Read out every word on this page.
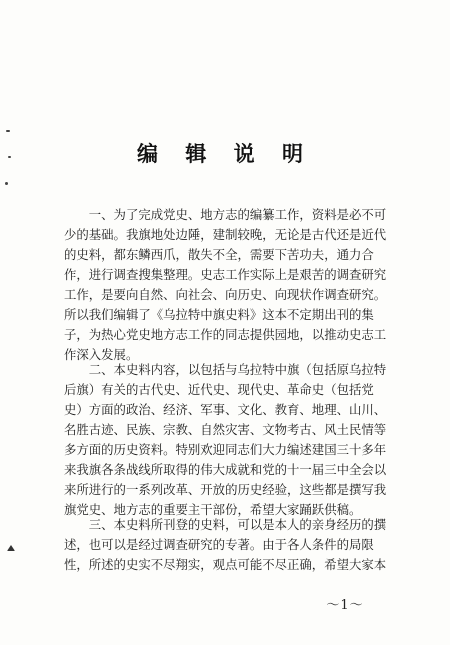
编 辑 说 明

　　一、为了完成党史、地方志的编纂工作，资料是必不可
少的基础。我旗地处边陲，建制较晚，无论是古代还是近代
的史料，都东鳞西爪，散失不全，需要下苦功夫，通力合
作，进行调查搜集整理。史志工作实际上是艰苦的调查研究
工作，是要向自然、向社会、向历史、向现状作调查研究。
所以我们编辑了《乌拉特中旗史料》这本不定期出刊的集
子，为热心党史地方志工作的同志提供园地，以推动史志工
作深入发展。

　　二、本史料内容，以包括与乌拉特中旗（包括原乌拉特
后旗）有关的古代史、近代史、现代史、革命史（包括党
史）方面的政治、经济、军事、文化、教育、地理、山川、
名胜古迹、民族、宗教、自然灾害、文物考古、风土民情等
多方面的历史资料。特别欢迎同志们大力编述建国三十多年
来我旗各条战线所取得的伟大成就和党的十一届三中全会以
来所进行的一系列改革、开放的历史经验，这些都是撰写我
旗党史、地方志的重要主干部份，希望大家踊跃供稿。

　　三、本史料所刊登的史料，可以是本人的亲身经历的撰
述，也可以是经过调查研究的专著。由于各人条件的局限
性，所述的史实不尽翔实，观点可能不尽正确，希望大家本

～1～
